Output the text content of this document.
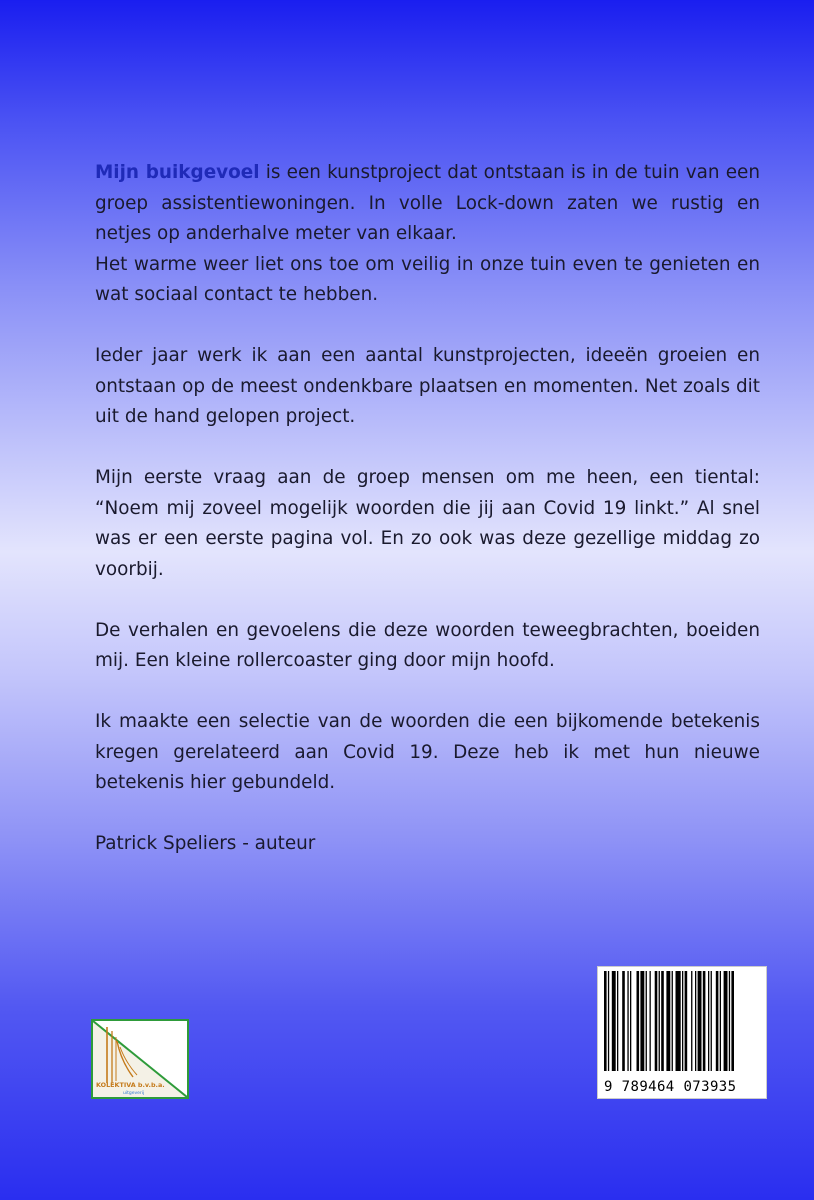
Mijn buikgevoel is een kunstproject dat ontstaan is in de tuin van een groep assistentiewoningen. In volle Lock-down zaten we rustig en netjes op anderhalve meter van elkaar.
Het warme weer liet ons toe om veilig in onze tuin even te genieten en wat sociaal contact te hebben.

Ieder jaar werk ik aan een aantal kunstprojecten, ideeën groeien en ontstaan op de meest ondenkbare plaatsen en momenten. Net zoals dit uit de hand gelopen project.

Mijn eerste vraag aan de groep mensen om me heen, een tiental: “Noem mij zoveel mogelijk woorden die jij aan Covid 19 linkt.” Al snel was er een eerste pagina vol. En zo ook was deze gezellige middag zo voorbij.

De verhalen en gevoelens die deze woorden teweegbrachten, boeiden mij. Een kleine rollercoaster ging door mijn hoofd.

Ik maakte een selectie van de woorden die een bijkomende betekenis kregen gerelateerd aan Covid 19. Deze heb ik met hun nieuwe betekenis hier gebundeld.

Patrick Speliers - auteur

KOLEKTIVA b.v.b.a.
uitgeverij	9 789464 073935
